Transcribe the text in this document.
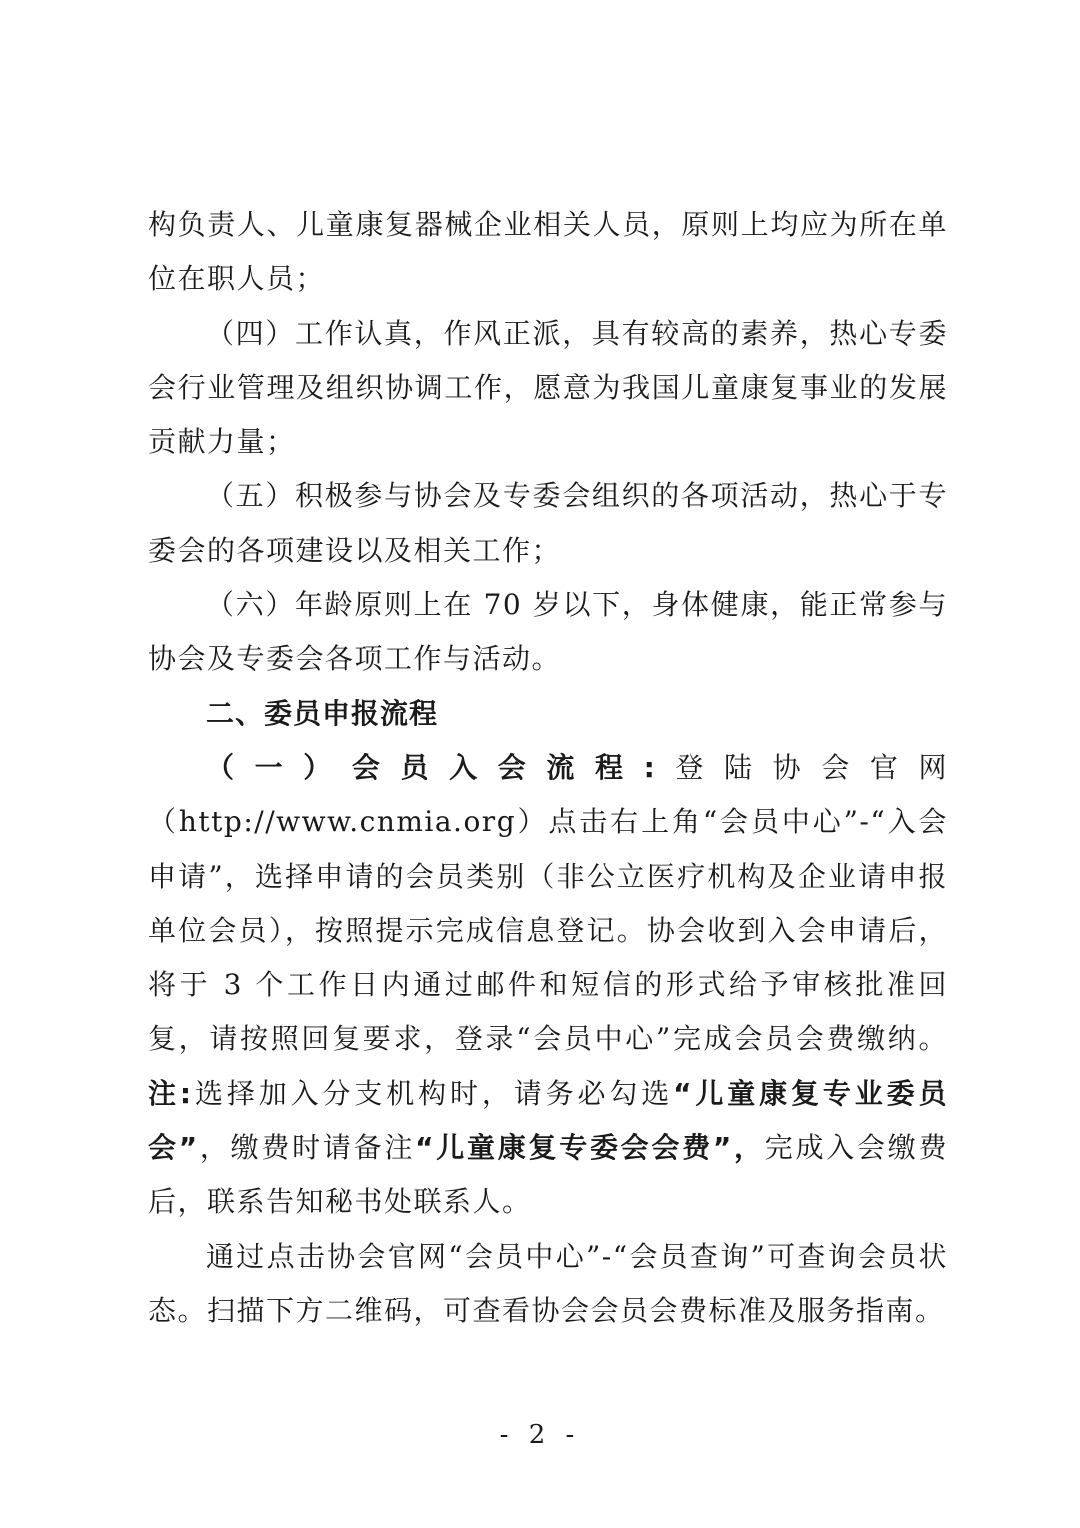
构负责人、儿童康复器械企业相关人员，原则上均应为所在单位在职人员；

（四）工作认真，作风正派，具有较高的素养，热心专委会行业管理及组织协调工作，愿意为我国儿童康复事业的发展贡献力量；

（五）积极参与协会及专委会组织的各项活动，热心于专委会的各项建设以及相关工作；

（六）年龄原则上在 70 岁以下，身体健康，能正常参与协会及专委会各项工作与活动。

二、委员申报流程

（一）会员入会流程:登陆协会官网（http://www.cnmia.org）点击右上角“会员中心”-“入会申请”，选择申请的会员类别（非公立医疗机构及企业请申报单位会员），按照提示完成信息登记。协会收到入会申请后，将于 3 个工作日内通过邮件和短信的形式给予审核批准回复，请按照回复要求，登录“会员中心”完成会员会费缴纳。注:选择加入分支机构时，请务必勾选“儿童康复专业委员会”，缴费时请备注“儿童康复专委会会费”，完成入会缴费后，联系告知秘书处联系人。

通过点击协会官网“会员中心”-“会员查询”可查询会员状态。扫描下方二维码，可查看协会会员会费标准及服务指南。

- 2 -
